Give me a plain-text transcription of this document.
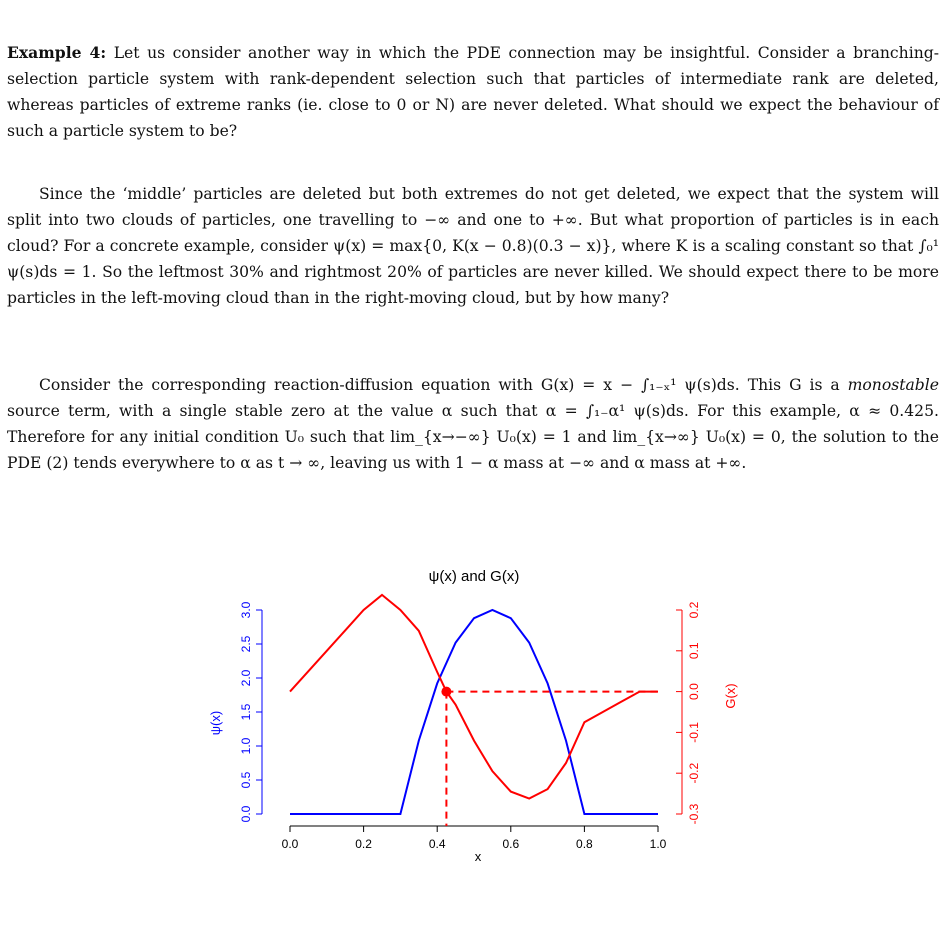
Example 4: Let us consider another way in which the PDE connection may be insightful. Consider a branching-selection particle system with rank-dependent selection such that particles of intermediate rank are deleted, whereas particles of extreme ranks (ie. close to 0 or N) are never deleted. What should we expect the behaviour of such a particle system to be?

Since the ‘middle’ particles are deleted but both extremes do not get deleted, we expect that the system will split into two clouds of particles, one travelling to −∞ and one to +∞. But what proportion of particles is in each cloud? For a concrete example, consider ψ(x) = max{0, K(x − 0.8)(0.3 − x)}, where K is a scaling constant so that ∫₀¹ ψ(s)ds = 1. So the leftmost 30% and rightmost 20% of particles are never killed. We should expect there to be more particles in the left-moving cloud than in the right-moving cloud, but by how many?

Consider the corresponding reaction-diffusion equation with G(x) = x − ∫₁₋ₓ¹ ψ(s)ds. This G is a monostable source term, with a single stable zero at the value α such that α = ∫₁₋α¹ ψ(s)ds. For this example, α ≈ 0.425. Therefore for any initial condition U₀ such that lim_{x→−∞} U₀(x) = 1 and lim_{x→∞} U₀(x) = 0, the solution to the PDE (2) tends everywhere to α as t → ∞, leaving us with 1 − α mass at −∞ and α mass at +∞.

ψ(x) and G(x)
0.0	0.2	0.4	0.6	0.8	1.0
0.0
0.5
1.0
1.5
2.0
2.5
3.0
-0.3
-0.2
-0.1
0.0
0.1
0.2
x
ψ(x)
G(x)
